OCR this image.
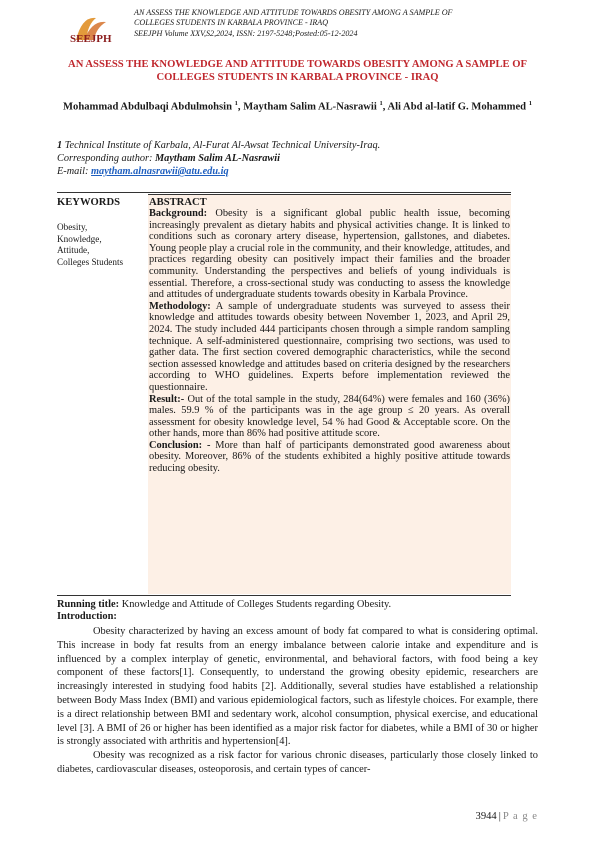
SEEJPH
AN ASSESS THE KNOWLEDGE AND ATTITUDE TOWARDS OBESITY AMONG A SAMPLE OF
COLLEGES STUDENTS IN KARBALA PROVINCE - IRAQ
SEEJPH Volume XXV,S2,2024, ISSN: 2197-5248;Posted:05-12-2024
AN ASSESS THE KNOWLEDGE AND ATTITUDE TOWARDS OBESITY AMONG A SAMPLE OF COLLEGES STUDENTS IN KARBALA PROVINCE - IRAQ
Mohammad Abdulbaqi Abdulmohsin $^1$, Maytham Salim AL-Nasrawii $^1$, Ali Abd al-latif G. Mohammed $^1$
1 Technical Institute of Karbala, Al-Furat Al-Awsat Technical University-Iraq.
Corresponding author: Maytham Salim AL-Nasrawii
E-mail: maytham.alnasrawii@atu.edu.iq
KEYWORDS
Obesity,
Knowledge,
Attitude,
Colleges Students
ABSTRACT

Background: Obesity is a significant global public health issue, becoming increasingly prevalent as dietary habits and physical activities change. It is linked to conditions such as coronary artery disease, hypertension, gallstones, and diabetes. Young people play a crucial role in the community, and their knowledge, attitudes, and practices regarding obesity can positively impact their families and the broader community. Understanding the perspectives and beliefs of young individuals is essential. Therefore, a cross-sectional study was conducting to assess the knowledge and attitudes of undergraduate students towards obesity in Karbala Province.

Methodology: A sample of undergraduate students was surveyed to assess their knowledge and attitudes towards obesity between November 1, 2023, and April 29, 2024. The study included 444 participants chosen through a simple random sampling technique. A self-administered questionnaire, comprising two sections, was used to gather data. The first section covered demographic characteristics, while the second section assessed knowledge and attitudes based on criteria designed by the researchers according to WHO guidelines. Experts before implementation reviewed the questionnaire.

Result:- Out of the total sample in the study, 284(64%) were females and 160 (36%) males. 59.9 % of the participants was in the age group ≤ 20 years. As overall assessment for obesity knowledge level, 54 % had Good & Acceptable score. On the other hands, more than 86% had positive attitude score.

Conclusion: - More than half of participants demonstrated good awareness about obesity. Moreover, 86% of the students exhibited a highly positive attitude towards reducing obesity.

Running title: Knowledge and Attitude of Colleges Students regarding Obesity.
Introduction:

Obesity characterized by having an excess amount of body fat compared to what is considering optimal. This increase in body fat results from an energy imbalance between calorie intake and expenditure and is influenced by a complex interplay of genetic, environmental, and behavioral factors, with food being a key component of these factors[1]. Consequently, to understand the growing obesity epidemic, researchers are increasingly interested in studying food habits [2]. Additionally, several studies have established a relationship between Body Mass Index (BMI) and various epidemiological factors, such as lifestyle choices. For example, there is a direct relationship between BMI and sedentary work, alcohol consumption, physical exercise, and educational level [3]. A BMI of 26 or higher has been identified as a major risk factor for diabetes, while a BMI of 30 or higher is strongly associated with arthritis and hypertension[4].

Obesity was recognized as a risk factor for various chronic diseases, particularly those closely linked to diabetes, cardiovascular diseases, osteoporosis, and certain types of cancer-

3944 | P a g e
